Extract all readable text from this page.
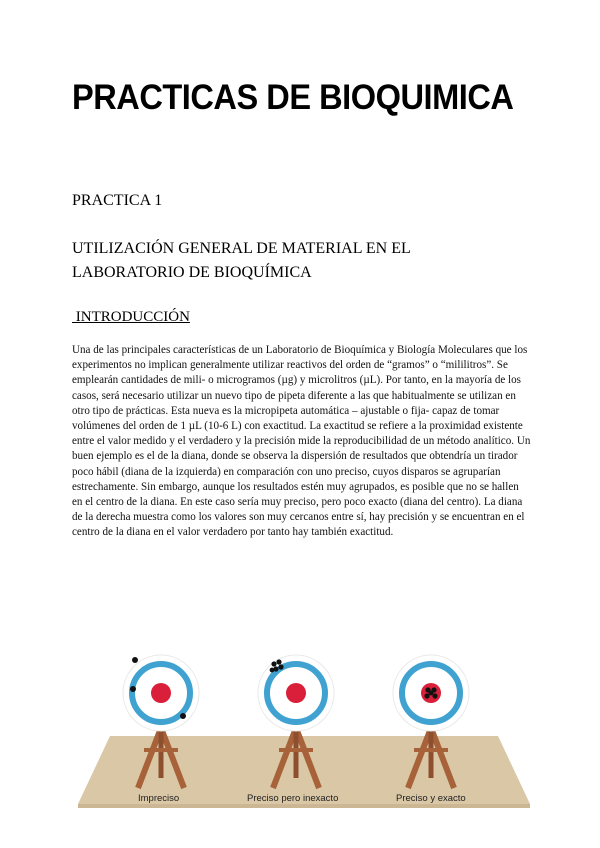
PRACTICAS DE BIOQUIMICA
PRACTICA 1
UTILIZACIÓN GENERAL DE MATERIAL EN EL
LABORATORIO DE BIOQUÍMICA
INTRODUCCIÓN

Una de las principales características de un Laboratorio de Bioquímica y Biología Moleculares que los experimentos no implican generalmente utilizar reactivos del orden de “gramos” o “mililitros”. Se emplearán cantidades de mili- o microgramos (µg) y microlitros (µL). Por tanto, en la mayoría de los casos, será necesario utilizar un nuevo tipo de pipeta diferente a las que habitualmente se utilizan en otro tipo de prácticas. Esta nueva es la micropipeta automática – ajustable o fija- capaz de tomar volúmenes del orden de 1 µL (10-6 L) con exactitud. La exactitud se refiere a la proximidad existente entre el valor medido y el verdadero y la precisión mide la reproducibilidad de un método analítico. Un buen ejemplo es el de la diana, donde se observa la dispersión de resultados que obtendría un tirador poco hábil (diana de la izquierda) en comparación con uno preciso, cuyos disparos se agruparían estrechamente. Sin embargo, aunque los resultados estén muy agrupados, es posible que no se hallen en el centro de la diana. En este caso sería muy preciso, pero poco exacto (diana del centro). La diana de la derecha muestra como los valores son muy cercanos entre sí, hay precisión y se encuentran en el centro de la diana en el valor verdadero por tanto hay también exactitud.

Impreciso	Preciso pero inexacto	Preciso y exacto
